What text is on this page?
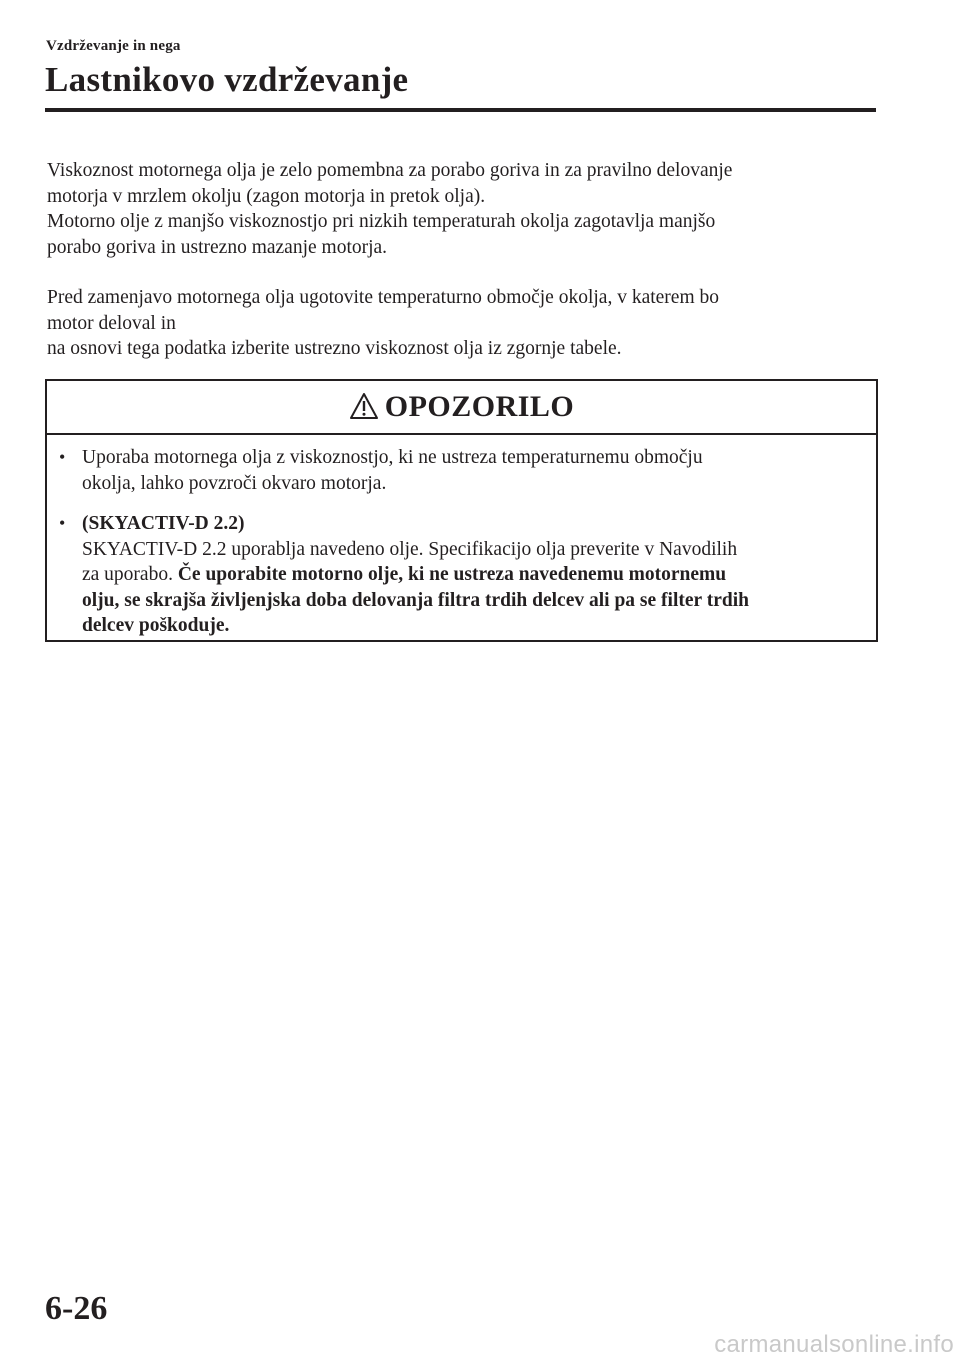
Vzdrževanje in nega
Lastnikovo vzdrževanje

Viskoznost motornega olja je zelo pomembna za porabo goriva in za pravilno delovanje

motorja v mrzlem okolju (zagon motorja in pretok olja).

Motorno olje z manjšo viskoznostjo pri nizkih temperaturah okolja zagotavlja manjšo

porabo goriva in ustrezno mazanje motorja.

Pred zamenjavo motornega olja ugotovite temperaturno območje okolja, v katerem bo

motor deloval in

na osnovi tega podatka izberite ustrezno viskoznost olja iz zgornje tabele.

OPOZORILO
• Uporaba motornega olja z viskoznostjo, ki ne ustreza temperaturnemu območju
okolja, lahko povzroči okvaro motorja.
• (SKYACTIV-D 2.2)
SKYACTIV-D 2.2 uporablja navedeno olje. Specifikacijo olja preverite v Navodilih
za uporabo. Če uporabite motorno olje, ki ne ustreza navedenemu motornemu
olju, se skrajša življenjska doba delovanja filtra trdih delcev ali pa se filter trdih
delcev poškoduje.
6-26
carmanualsonline.info
